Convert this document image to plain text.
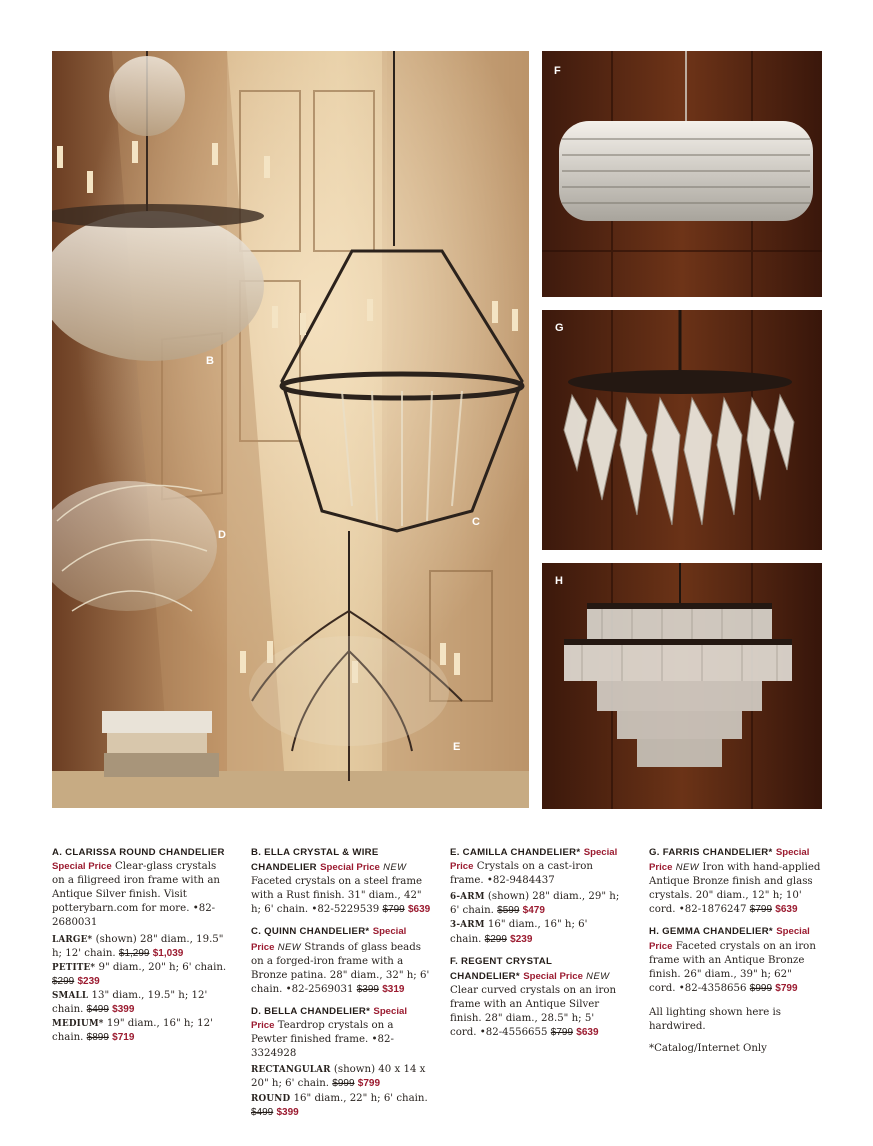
B
D
C
E
F
G
H

A. CLARISSA ROUND CHANDELIER
Special Price Clear-glass crystals on a filigreed iron frame with an Antique Silver finish. Visit potterybarn.com for more. •82-2680031

LARGE* (shown) 28" diam., 19.5" h; 12' chain. $1,299 $1,039
PETITE* 9" diam., 20" h; 6' chain. $299 $239
SMALL 13" diam., 19.5" h; 12' chain. $499 $399
MEDIUM* 19" diam., 16" h; 12' chain. $899 $719

B. ELLA CRYSTAL & WIRE CHANDELIER Special Price NEW Faceted crystals on a steel frame with a Rust finish. 31" diam., 42" h; 6' chain. •82-5229539 $799 $639

C. QUINN CHANDELIER* Special Price NEW Strands of glass beads on a forged-iron frame with a Bronze patina. 28" diam., 32" h; 6' chain. •82-2569031 $399 $319

D. BELLA CHANDELIER* Special Price Teardrop crystals on a Pewter finished frame. •82-3324928

RECTANGULAR (shown) 40 x 14 x 20" h; 6' chain. $999 $799
ROUND 16" diam., 22" h; 6' chain. $499 $399

E. CAMILLA CHANDELIER* Special Price Crystals on a cast-iron frame. •82-9484437

6-ARM (shown) 28" diam., 29" h; 6' chain. $599 $479
3-ARM 16" diam., 16" h; 6' chain. $299 $239

F. REGENT CRYSTAL CHANDELIER* Special Price NEW Clear curved crystals on an iron frame with an Antique Silver finish. 28" diam., 28.5" h; 5' cord. •82-4556655 $799 $639

G. FARRIS CHANDELIER* Special Price NEW Iron with hand-applied Antique Bronze finish and glass crystals. 20" diam., 12" h; 10' cord. •82-1876247 $799 $639

H. GEMMA CHANDELIER* Special Price Faceted crystals on an iron frame with an Antique Bronze finish. 26" diam., 39" h; 62" cord. •82-4358656 $999 $799

All lighting shown here is hardwired.

*Catalog/Internet Only
